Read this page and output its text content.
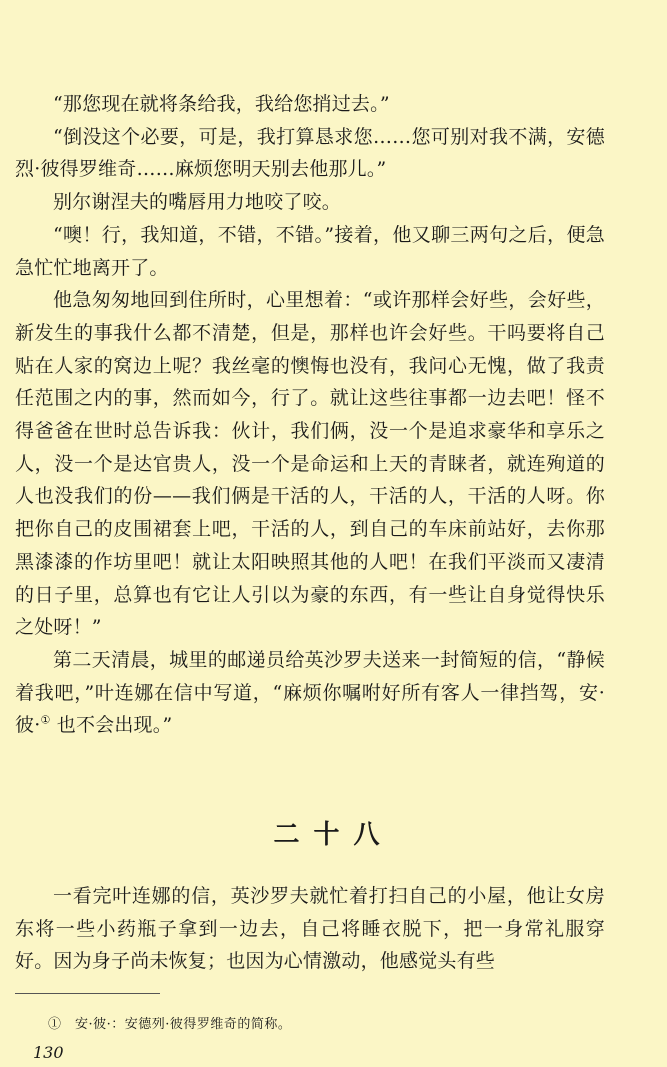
“那您现在就将条给我，我给您捎过去。”

“倒没这个必要，可是，我打算恳求您……您可别对我不满，安德烈·彼得罗维奇……麻烦您明天别去他那儿。”

别尔谢涅夫的嘴唇用力地咬了咬。

“噢！行，我知道，不错，不错。”接着，他又聊三两句之后，便急急忙忙地离开了。

他急匆匆地回到住所时，心里想着：“或许那样会好些，会好些，新发生的事我什么都不清楚，但是，那样也许会好些。干吗要将自己贴在人家的窝边上呢？我丝毫的懊悔也没有，我问心无愧，做了我责任范围之内的事，然而如今，行了。就让这些往事都一边去吧！怪不得爸爸在世时总告诉我：伙计，我们俩，没一个是追求豪华和享乐之人，没一个是达官贵人，没一个是命运和上天的青睐者，就连殉道的人也没我们的份——我们俩是干活的人，干活的人，干活的人呀。你把你自己的皮围裙套上吧，干活的人，到自己的车床前站好，去你那黑漆漆的作坊里吧！就让太阳映照其他的人吧！在我们平淡而又凄清的日子里，总算也有它让人引以为豪的东西，有一些让自身觉得快乐之处呀！”

第二天清晨，城里的邮递员给英沙罗夫送来一封简短的信，“静候着我吧，”叶连娜在信中写道，“麻烦你嘱咐好所有客人一律挡驾，安·彼·① 也不会出现。”

二十八

一看完叶连娜的信，英沙罗夫就忙着打扫自己的小屋，他让女房东将一些小药瓶子拿到一边去，自己将睡衣脱下，把一身常礼服穿好。因为身子尚未恢复；也因为心情激动，他感觉头有些

①　安·彼·：安德列·彼得罗维奇的简称。

130
